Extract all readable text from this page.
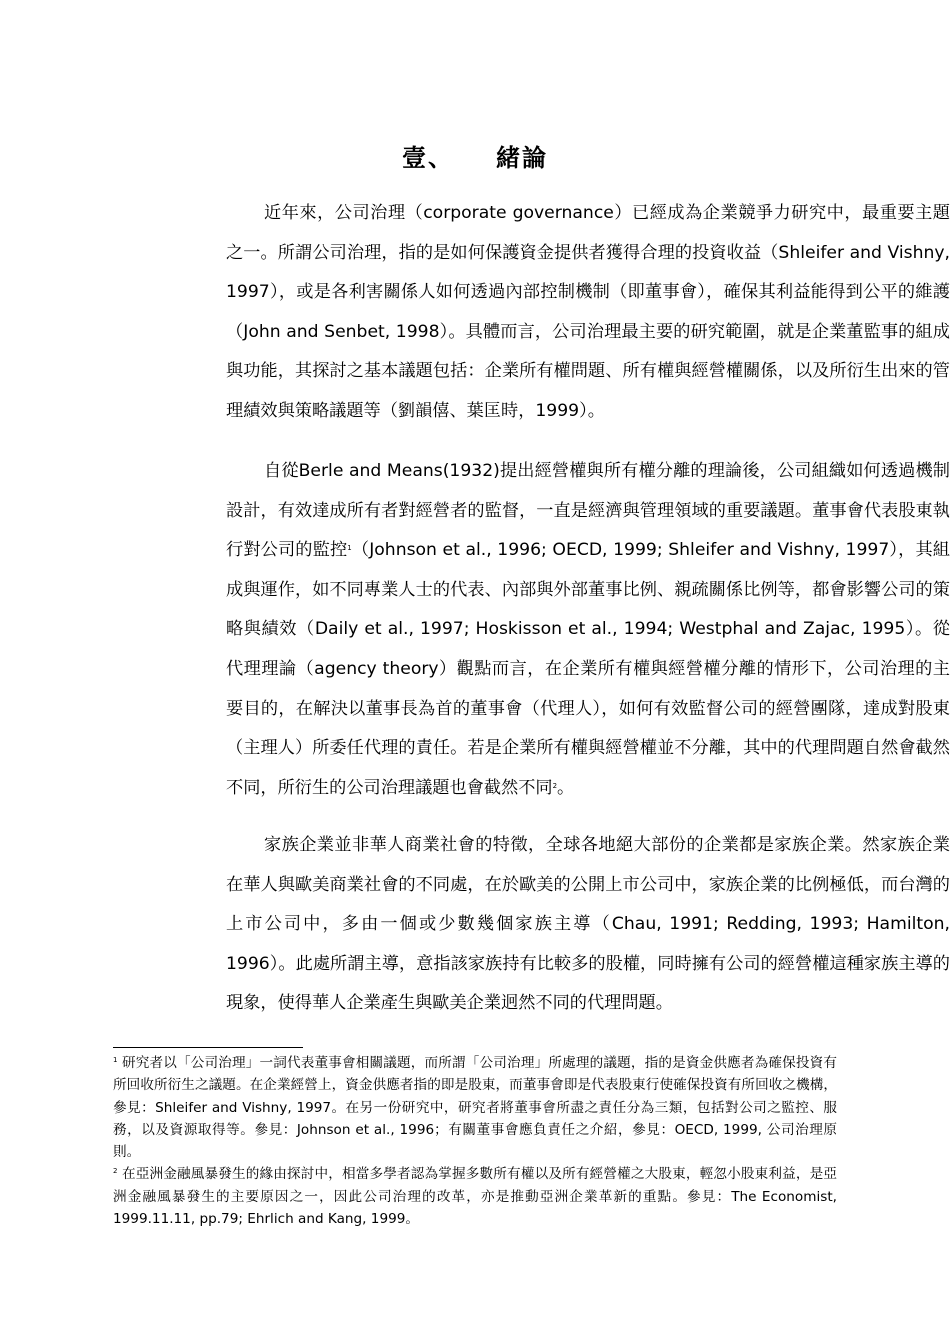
壹、 緒論

近年來，公司治理（corporate governance）已經成為企業競爭力研究中，最重要主題之一。所謂公司治理，指的是如何保護資金提供者獲得合理的投資收益（Shleifer and Vishny, 1997），或是各利害關係人如何透過內部控制機制（即董事會），確保其利益能得到公平的維護（John and Senbet, 1998）。具體而言，公司治理最主要的研究範圍，就是企業董監事的組成與功能，其探討之基本議題包括：企業所有權問題、所有權與經營權關係，以及所衍生出來的管理績效與策略議題等（劉韻僖、葉匡時，1999）。

自從Berle and Means(1932)提出經營權與所有權分離的理論後，公司組織如何透過機制設計，有效達成所有者對經營者的監督，一直是經濟與管理領域的重要議題。董事會代表股東執行對公司的監控$^1$（Johnson et al., 1996; OECD, 1999; Shleifer and Vishny, 1997），其組成與運作，如不同專業人士的代表、內部與外部董事比例、親疏關係比例等，都會影響公司的策略與績效（Daily et al., 1997; Hoskisson et al., 1994; Westphal and Zajac, 1995）。從代理理論（agency theory）觀點而言，在企業所有權與經營權分離的情形下，公司治理的主要目的，在解決以董事長為首的董事會（代理人），如何有效監督公司的經營團隊，達成對股東（主理人）所委任代理的責任。若是企業所有權與經營權並不分離，其中的代理問題自然會截然不同，所衍生的公司治理議題也會截然不同$^2$。

家族企業並非華人商業社會的特徵，全球各地絕大部份的企業都是家族企業。然家族企業在華人與歐美商業社會的不同處，在於歐美的公開上市公司中，家族企業的比例極低，而台灣的上市公司中，多由一個或少數幾個家族主導（Chau, 1991; Redding, 1993; Hamilton, 1996）。此處所謂主導，意指該家族持有比較多的股權，同時擁有公司的經營權這種家族主導的現象，使得華人企業產生與歐美企業迥然不同的代理問題。

$^1$ 研究者以「公司治理」一詞代表董事會相關議題，而所謂「公司治理」所處理的議題，指的是資金供應者為確保投資有所回收所衍生之議題。在企業經營上，資金供應者指的即是股東，而董事會即是代表股東行使確保投資有所回收之機構，參見：Shleifer and Vishny, 1997。在另一份研究中，研究者將董事會所盡之責任分為三類，包括對公司之監控、服務，以及資源取得等。參見：Johnson et al., 1996；有關董事會應負責任之介紹，參見：OECD, 1999, 公司治理原則。

$^2$ 在亞洲金融風暴發生的緣由探討中，相當多學者認為掌握多數所有權以及所有經營權之大股東，輕忽小股東利益，是亞洲金融風暴發生的主要原因之一，因此公司治理的改革，亦是推動亞洲企業革新的重點。參見：The Economist, 1999.11.11, pp.79; Ehrlich and Kang, 1999。
